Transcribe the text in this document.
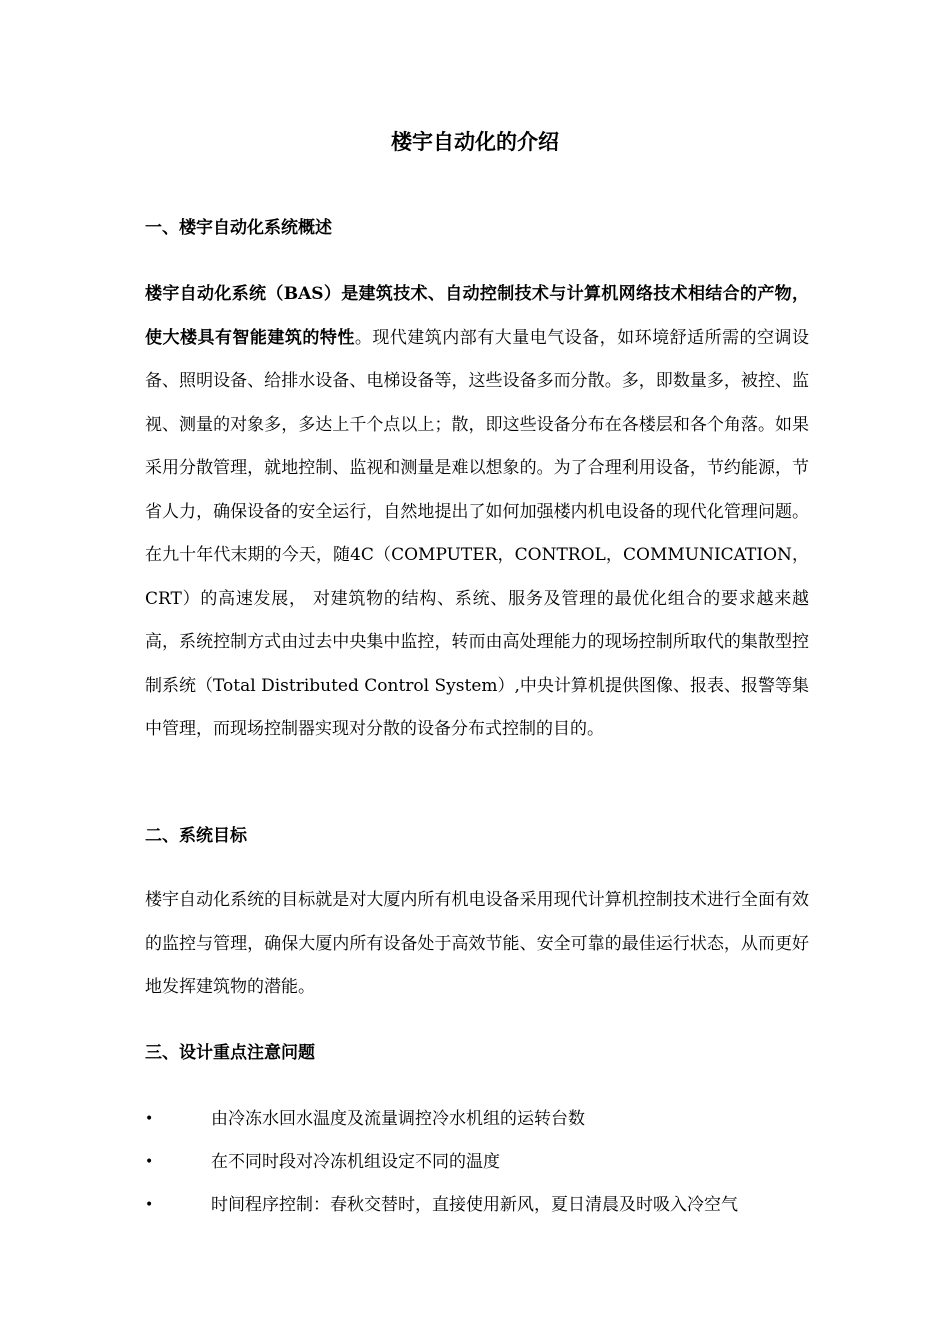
楼宇自动化的介绍
一、楼宇自动化系统概述
楼宇自动化系统（BAS）是建筑技术、自动控制技术与计算机网络技术相结合的产物，使大楼具有智能建筑的特性。现代建筑内部有大量电气设备，如环境舒适所需的空调设备、照明设备、给排水设备、电梯设备等，这些设备多而分散。多，即数量多，被控、监视、测量的对象多，多达上千个点以上；散，即这些设备分布在各楼层和各个角落。如果采用分散管理，就地控制、监视和测量是难以想象的。为了合理利用设备，节约能源，节省人力，确保设备的安全运行，自然地提出了如何加强楼内机电设备的现代化管理问题。在九十年代末期的今天，随4C（COMPUTER，CONTROL，COMMUNICATION，CRT）的高速发展， 对建筑物的结构、系统、服务及管理的最优化组合的要求越来越高，系统控制方式由过去中央集中监控，转而由高处理能力的现场控制所取代的集散型控制系统（Total Distributed Control System）,中央计算机提供图像、报表、报警等集中管理，而现场控制器实现对分散的设备分布式控制的目的。
二、系统目标
楼宇自动化系统的目标就是对大厦内所有机电设备采用现代计算机控制技术进行全面有效的监控与管理，确保大厦内所有设备处于高效节能、安全可靠的最佳运行状态，从而更好地发挥建筑物的潜能。
三、设计重点注意问题
•	由冷冻水回水温度及流量调控冷水机组的运转台数
•	在不同时段对冷冻机组设定不同的温度
•	时间程序控制：春秋交替时，直接使用新风，夏日清晨及时吸入冷空气
